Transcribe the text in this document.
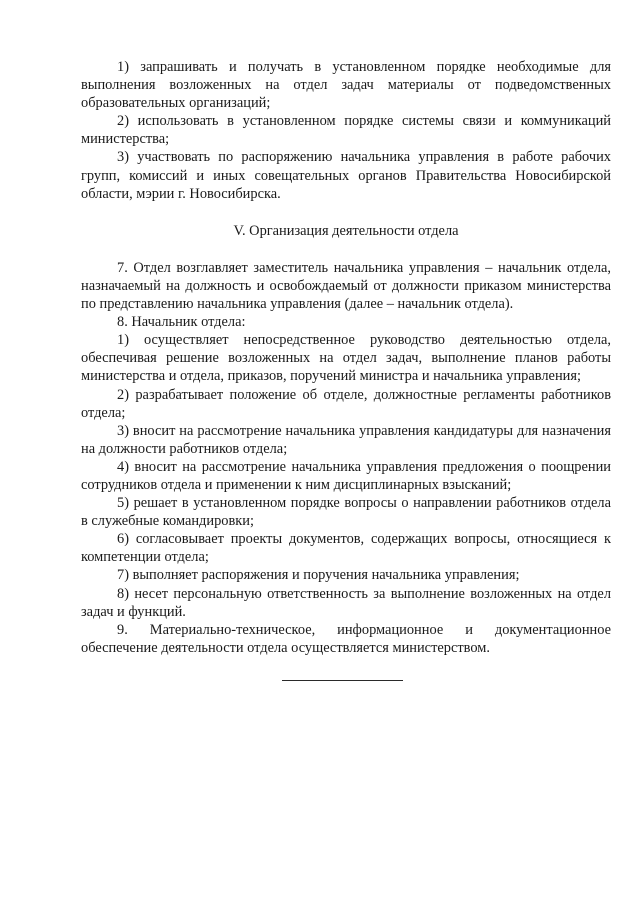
1) запрашивать и получать в установленном порядке необходимые для выполнения возложенных на отдел задач материалы от подведомственных образовательных организаций;

2) использовать в установленном порядке системы связи и коммуникаций министерства;

3) участвовать по распоряжению начальника управления в работе рабочих групп, комиссий и иных совещательных органов Правительства Новосибирской области, мэрии г. Новосибирска.

V. Организация деятельности отдела

7. Отдел возглавляет заместитель начальника управления – начальник отдела, назначаемый на должность и освобождаемый от должности приказом министерства по представлению начальника управления (далее – начальник отдела).

8. Начальник отдела:

1) осуществляет непосредственное руководство деятельностью отдела, обеспечивая решение возложенных на отдел задач, выполнение планов работы министерства и отдела, приказов, поручений министра и начальника управления;

2) разрабатывает положение об отделе, должностные регламенты работников отдела;

3) вносит на рассмотрение начальника управления кандидатуры для назначения на должности работников отдела;

4) вносит на рассмотрение начальника управления предложения о поощрении сотрудников отдела и применении к ним дисциплинарных взысканий;

5) решает в установленном порядке вопросы о направлении работников отдела в служебные командировки;

6) согласовывает проекты документов, содержащих вопросы, относящиеся к компетенции отдела;

7) выполняет распоряжения и поручения начальника управления;

8) несет персональную ответственность за выполнение возложенных на отдел задач и функций.

9. Материально-техническое, информационное и документационное обеспечение деятельности отдела осуществляется министерством.
